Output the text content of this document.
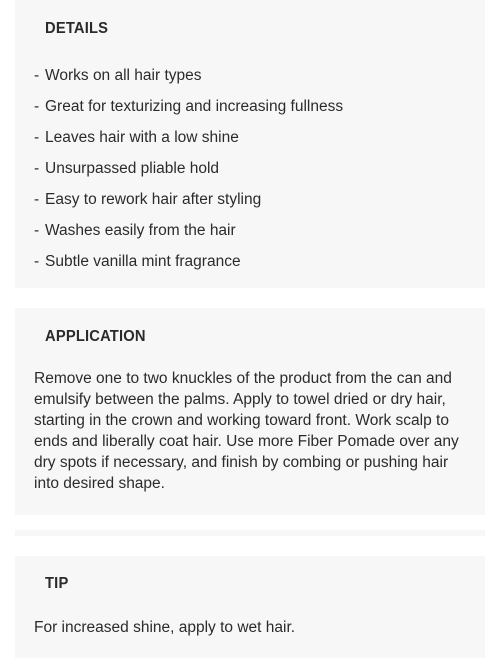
DETAILS
- Works on all hair types
- Great for texturizing and increasing fullness
- Leaves hair with a low shine
- Unsurpassed pliable hold
- Easy to rework hair after styling
- Washes easily from the hair
- Subtle vanilla mint fragrance
APPLICATION

Remove one to two knuckles of the product from the can and emulsify between the palms. Apply to towel dried or dry hair, starting in the crown and working toward front. Work scalp to ends and liberally coat hair. Use more Fiber Pomade over any dry spots if necessary, and finish by combing or pushing hair into desired shape.

TIP

For increased shine, apply to wet hair.
